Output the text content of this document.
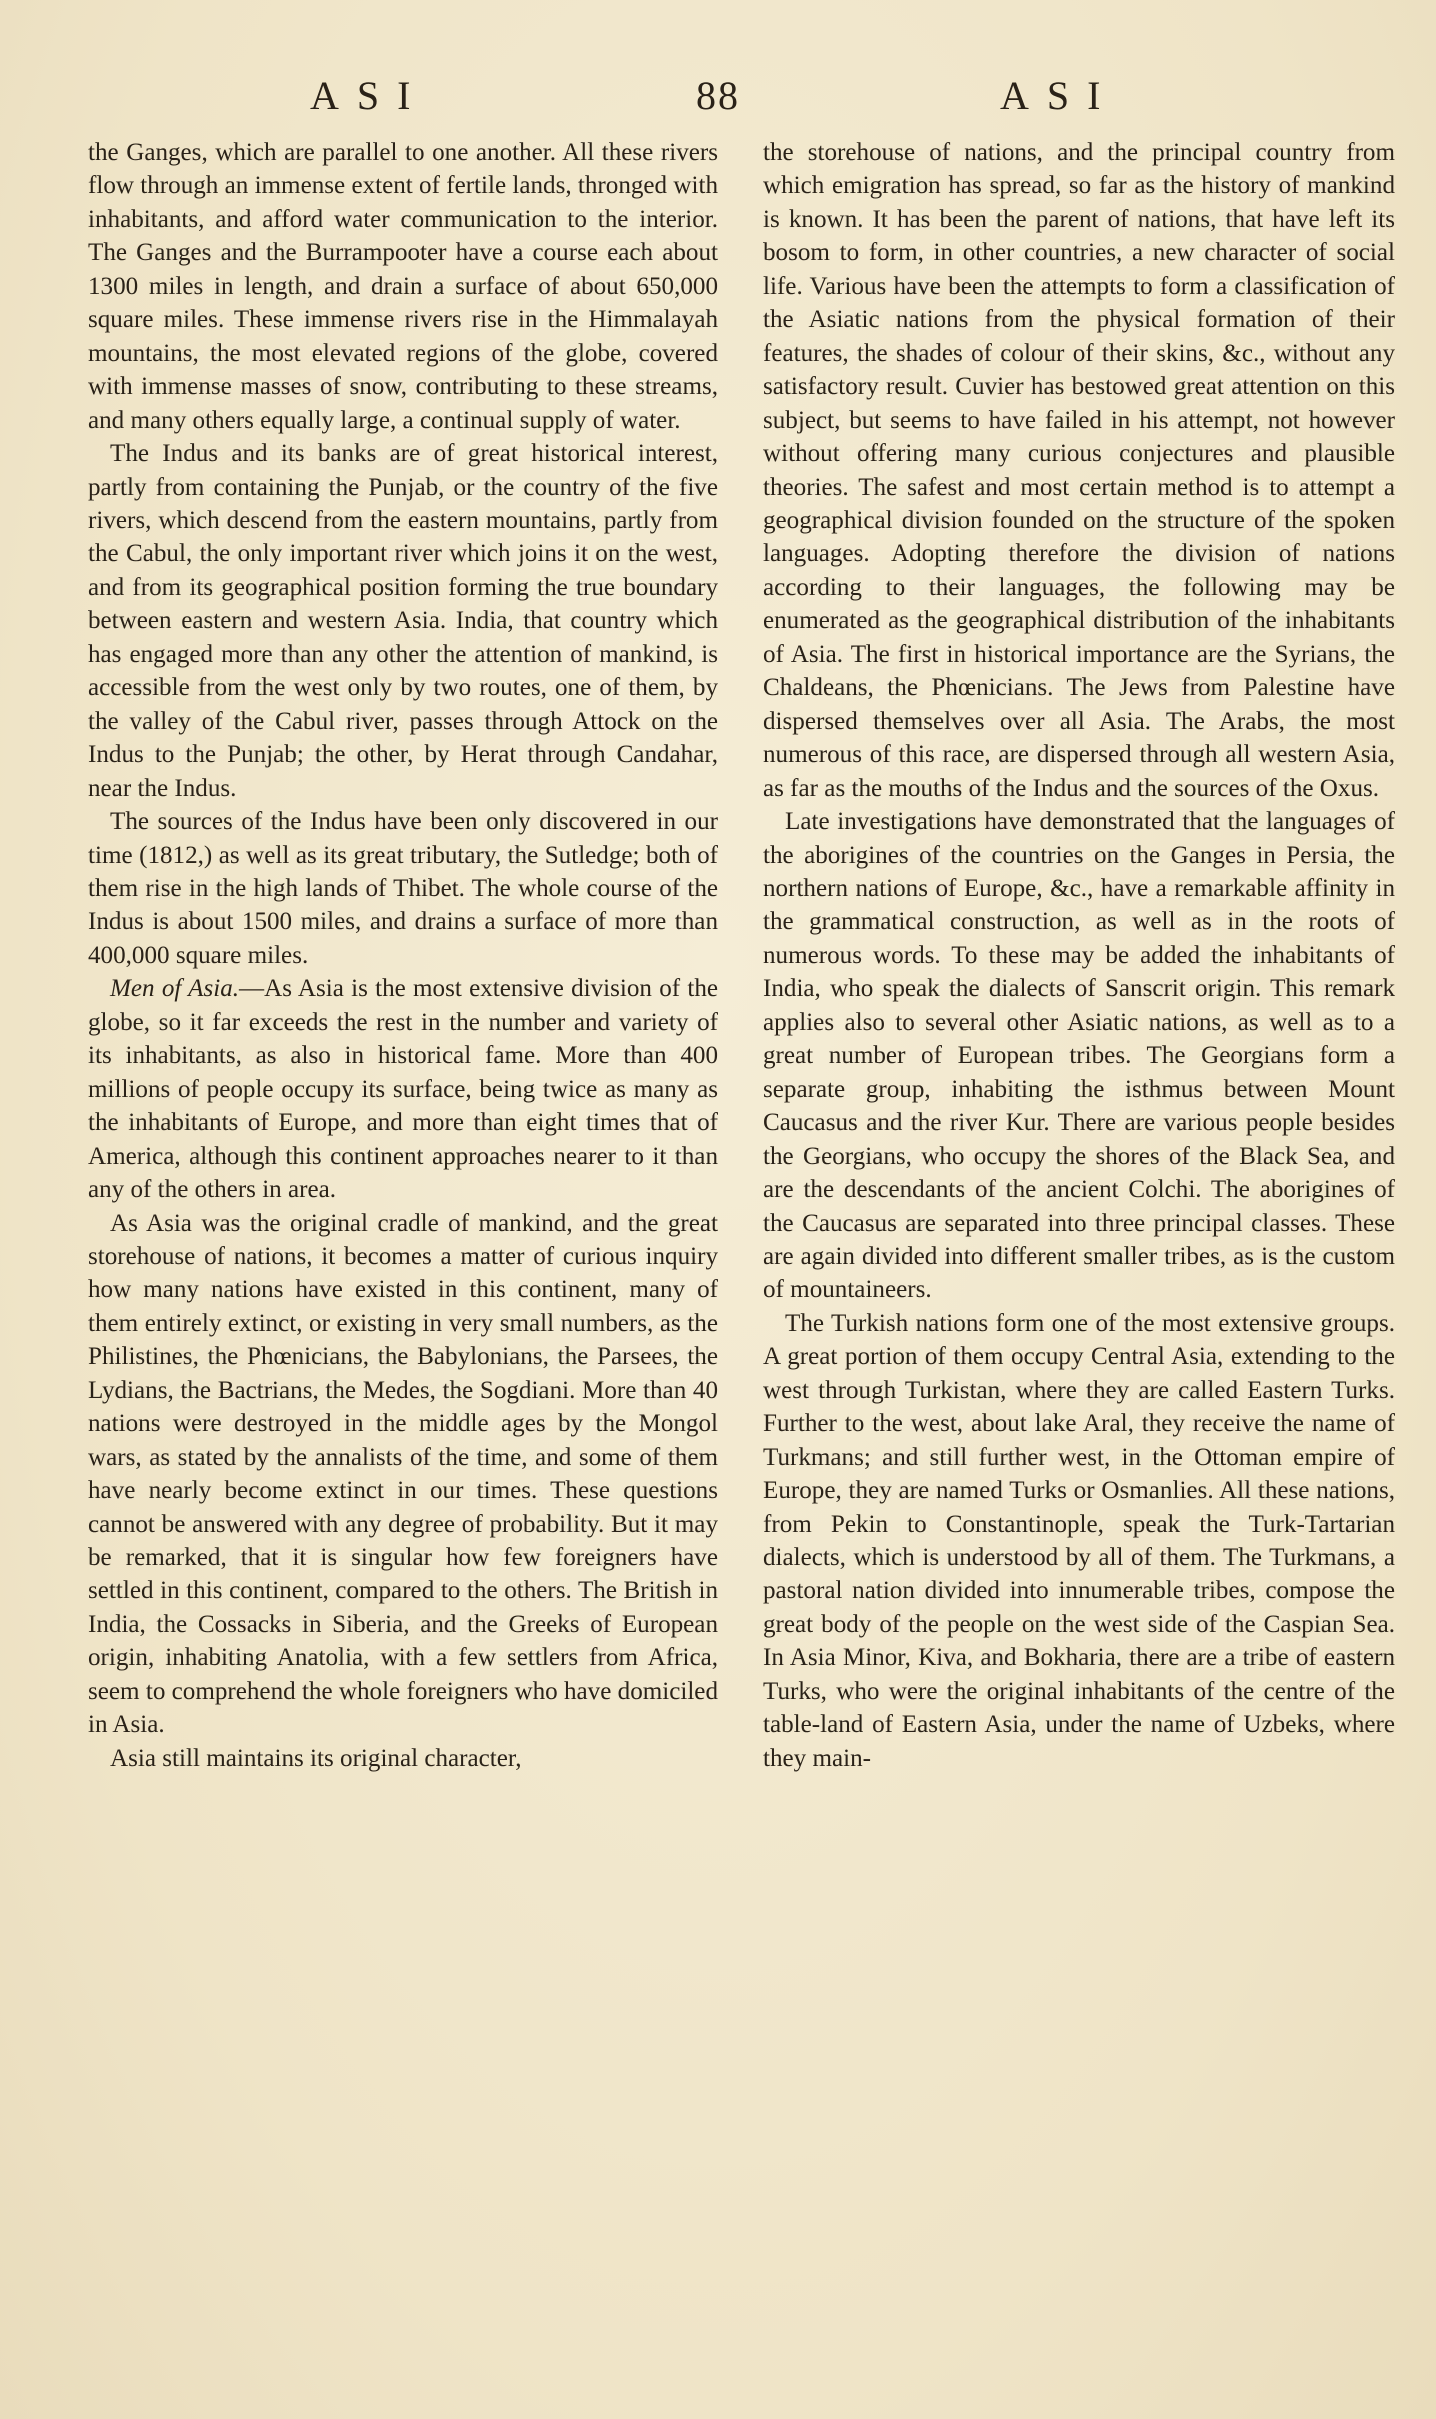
ASI	88	ASI

the Ganges, which are parallel to one another. All these rivers flow through an immense extent of fertile lands, thronged with inhabitants, and afford water communication to the interior. The Ganges and the Burrampooter have a course each about 1300 miles in length, and drain a surface of about 650,000 square miles. These immense rivers rise in the Himmalayah mountains, the most elevated regions of the globe, covered with immense masses of snow, contributing to these streams, and many others equally large, a continual supply of water.

The Indus and its banks are of great historical interest, partly from containing the Punjab, or the country of the five rivers, which descend from the eastern mountains, partly from the Cabul, the only important river which joins it on the west, and from its geographical position forming the true boundary between eastern and western Asia. India, that country which has engaged more than any other the attention of mankind, is accessible from the west only by two routes, one of them, by the valley of the Cabul river, passes through Attock on the Indus to the Punjab; the other, by Herat through Candahar, near the Indus.

The sources of the Indus have been only discovered in our time (1812,) as well as its great tributary, the Sutledge; both of them rise in the high lands of Thibet. The whole course of the Indus is about 1500 miles, and drains a surface of more than 400,000 square miles.

Men of Asia.—As Asia is the most extensive division of the globe, so it far exceeds the rest in the number and variety of its inhabitants, as also in historical fame. More than 400 millions of people occupy its surface, being twice as many as the inhabitants of Europe, and more than eight times that of America, although this continent approaches nearer to it than any of the others in area.

As Asia was the original cradle of mankind, and the great storehouse of nations, it becomes a matter of curious inquiry how many nations have existed in this continent, many of them entirely extinct, or existing in very small numbers, as the Philistines, the Phœnicians, the Babylonians, the Parsees, the Lydians, the Bactrians, the Medes, the Sogdiani. More than 40 nations were destroyed in the middle ages by the Mongol wars, as stated by the annalists of the time, and some of them have nearly become extinct in our times. These questions cannot be answered with any degree of probability. But it may be remarked, that it is singular how few foreigners have settled in this continent, compared to the others. The British in India, the Cossacks in Siberia, and the Greeks of European origin, inhabiting Anatolia, with a few settlers from Africa, seem to comprehend the whole foreigners who have domiciled in Asia.

Asia still maintains its original character,

the storehouse of nations, and the principal country from which emigration has spread, so far as the history of mankind is known. It has been the parent of nations, that have left its bosom to form, in other countries, a new character of social life. Various have been the attempts to form a classification of the Asiatic nations from the physical formation of their features, the shades of colour of their skins, &c., without any satisfactory result. Cuvier has bestowed great attention on this subject, but seems to have failed in his attempt, not however without offering many curious conjectures and plausible theories. The safest and most certain method is to attempt a geographical division founded on the structure of the spoken languages. Adopting therefore the division of nations according to their languages, the following may be enumerated as the geographical distribution of the inhabitants of Asia. The first in historical importance are the Syrians, the Chaldeans, the Phœnicians. The Jews from Palestine have dispersed themselves over all Asia. The Arabs, the most numerous of this race, are dispersed through all western Asia, as far as the mouths of the Indus and the sources of the Oxus.

Late investigations have demonstrated that the languages of the aborigines of the countries on the Ganges in Persia, the northern nations of Europe, &c., have a remarkable affinity in the grammatical construction, as well as in the roots of numerous words. To these may be added the inhabitants of India, who speak the dialects of Sanscrit origin. This remark applies also to several other Asiatic nations, as well as to a great number of European tribes. The Georgians form a separate group, inhabiting the isthmus between Mount Caucasus and the river Kur. There are various people besides the Georgians, who occupy the shores of the Black Sea, and are the descendants of the ancient Colchi. The aborigines of the Caucasus are separated into three principal classes. These are again divided into different smaller tribes, as is the custom of mountaineers.

The Turkish nations form one of the most extensive groups. A great portion of them occupy Central Asia, extending to the west through Turkistan, where they are called Eastern Turks. Further to the west, about lake Aral, they receive the name of Turkmans; and still further west, in the Ottoman empire of Europe, they are named Turks or Osmanlies. All these nations, from Pekin to Constantinople, speak the Turk-Tartarian dialects, which is understood by all of them. The Turkmans, a pastoral nation divided into innumerable tribes, compose the great body of the people on the west side of the Caspian Sea. In Asia Minor, Kiva, and Bokharia, there are a tribe of eastern Turks, who were the original inhabitants of the centre of the table-land of Eastern Asia, under the name of Uzbeks, where they main-
